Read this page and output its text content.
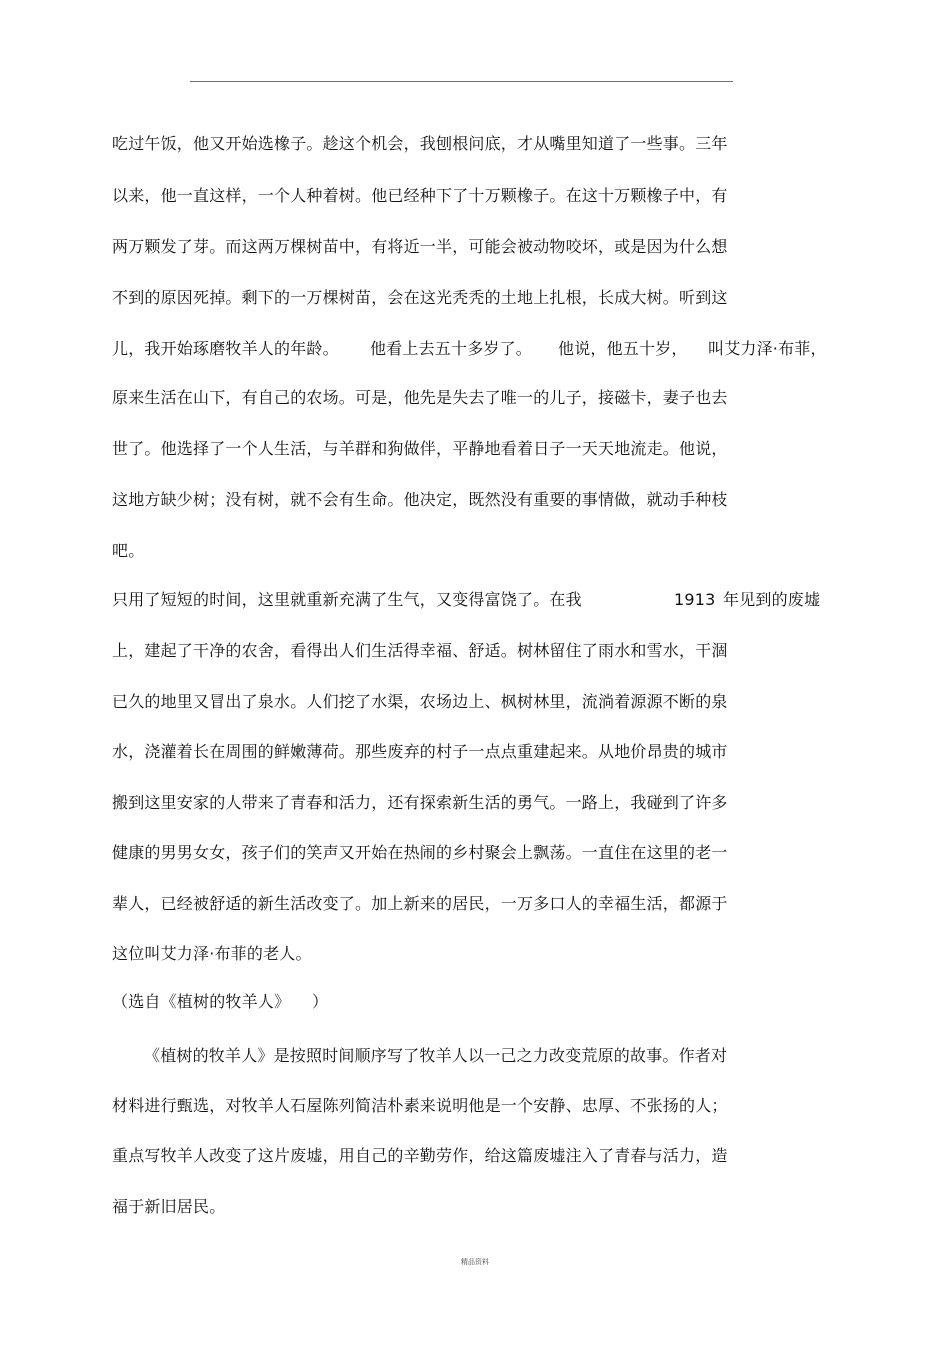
吃过午饭，他又开始选橡子。趁这个机会，我刨根问底，才从嘴里知道了一些事。三年
以来，他一直这样，一个人种着树。他已经种下了十万颗橡子。在这十万颗橡子中，有
两万颗发了芽。而这两万棵树苗中，有将近一半，可能会被动物咬坏，或是因为什么想
不到的原因死掉。剩下的一万棵树苗，会在这光秃秃的土地上扎根，长成大树。听到这
儿，我开始琢磨牧羊人的年龄。 他看上去五十多岁了。 他说，他五十岁， 叫艾力泽·布菲，
原来生活在山下，有自己的农场。可是，他先是失去了唯一的儿子，接磁卡，妻子也去
世了。他选择了一个人生活，与羊群和狗做伴，平静地看着日子一天天地流走。他说，
这地方缺少树；没有树，就不会有生命。他决定，既然没有重要的事情做，就动手种枝
吧。
只用了短短的时间，这里就重新充满了生气，又变得富饶了。在我	1913 年见到的废墟
上，建起了干净的农舍，看得出人们生活得幸福、舒适。树林留住了雨水和雪水，干涸
已久的地里又冒出了泉水。人们挖了水渠，农场边上、枫树林里，流淌着源源不断的泉
水，浇灌着长在周围的鲜嫩薄荷。那些废弃的村子一点点重建起来。从地价昂贵的城市
搬到这里安家的人带来了青春和活力，还有探索新生活的勇气。一路上，我碰到了许多
健康的男男女女，孩子们的笑声又开始在热闹的乡村聚会上飘荡。一直住在这里的老一
辈人，已经被舒适的新生活改变了。加上新来的居民，一万多口人的幸福生活，都源于
这位叫艾力泽·布菲的老人。
（选自《植树的牧羊人》 ）
《植树的牧羊人》是按照时间顺序写了牧羊人以一己之力改变荒原的故事。作者对
材料进行甄选，对牧羊人石屋陈列简洁朴素来说明他是一个安静、忠厚、不张扬的人；
重点写牧羊人改变了这片废墟，用自己的辛勤劳作，给这篇废墟注入了青春与活力，造
福于新旧居民。
精品资料
